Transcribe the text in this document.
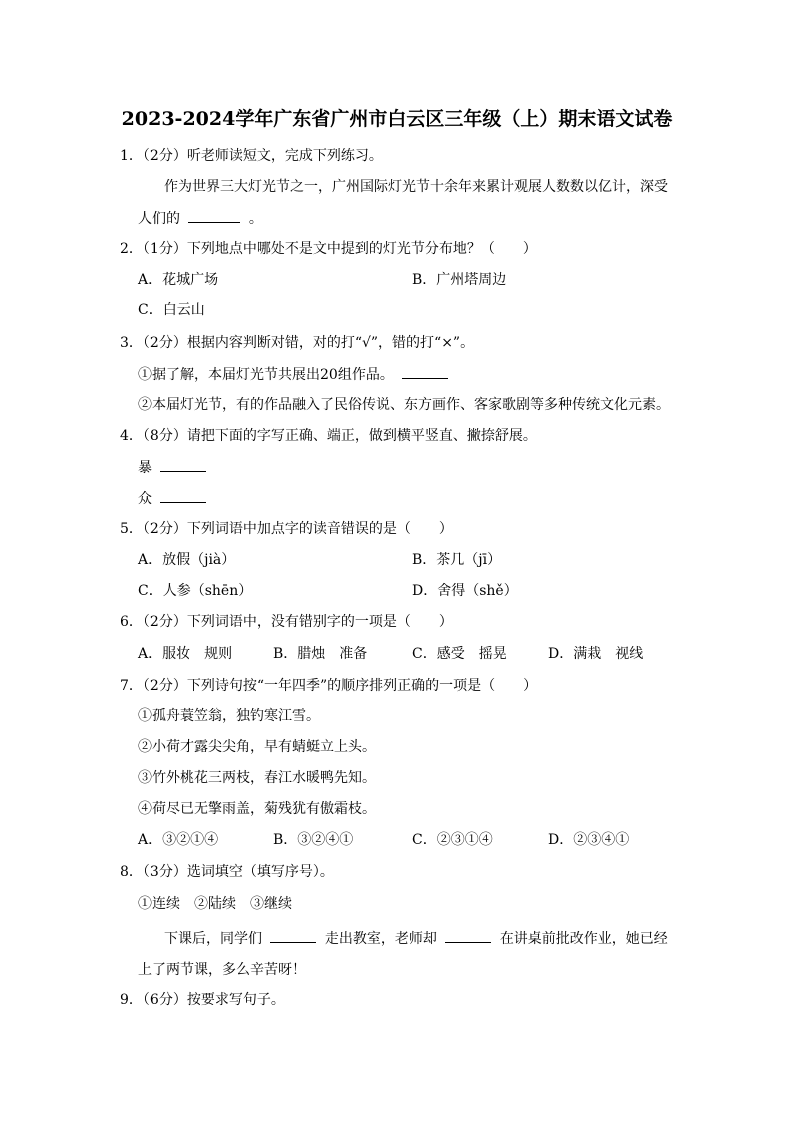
2023-2024学年广东省广州市白云区三年级（上）期末语文试卷
1．（2分）听老师读短文，完成下列练习。
作为世界三大灯光节之一，广州国际灯光节十余年来累计观展人数数以亿计，深受
人们的	。
2．（1分）下列地点中哪处不是文中提到的灯光节分布地？（　　）
A．花城广场	B．广州塔周边
C．白云山
3．（2分）根据内容判断对错，对的打“√”，错的打“×”。
①据了解，本届灯光节共展出20组作品。
②本届灯光节，有的作品融入了民俗传说、东方画作、客家歌剧等多种传统文化元素。
4．（8分）请把下面的字写正确、端正，做到横平竖直、撇捺舒展。
暴
众
5．（2分）下列词语中加点字的读音错误的是（　　）
A．放假（jià）	B．茶几（jī）
C．人参（shēn）	D．舍得（shě）
6．（2分）下列词语中，没有错别字的一项是（　　）
A．服妆　规则	B．腊烛　准备	C．感受　摇晃	D．满栽　视线
7．（2分）下列诗句按“一年四季”的顺序排列正确的一项是（　　）
①孤舟蓑笠翁，独钓寒江雪。
②小荷才露尖尖角，早有蜻蜓立上头。
③竹外桃花三两枝，春江水暖鸭先知。
④荷尽已无擎雨盖，菊残犹有傲霜枝。
A．③②①④	B．③②④①	C．②③①④	D．②③④①
8．（3分）选词填空（填写序号）。
①连续　②陆续　③继续
下课后，同学们	走出教室，老师却	在讲桌前批改作业，她已经
上了两节课，多么辛苦呀！
9．（6分）按要求写句子。
